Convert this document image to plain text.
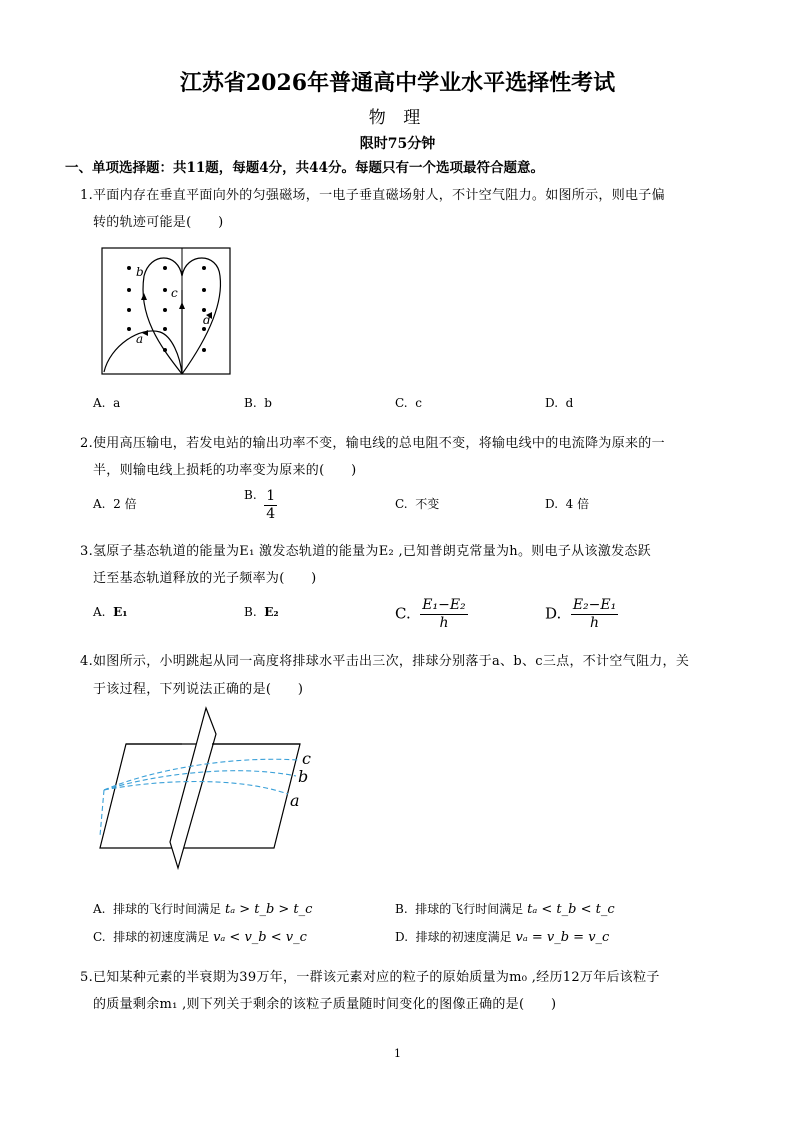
江苏省2026年普通高中学业水平选择性考试
物 理
限时75分钟
一、单项选择题：共11题，每题4分，共44分。每题只有一个选项最符合题意。
1.平面内存在垂直平面向外的匀强磁场，一电子垂直磁场射人，不计空气阻力。如图所示，则电子偏
转的轨迹可能是(　　)
b
c
d
a
A. a	B. b	C. c	D. d
2.使用高压输电，若发电站的输出功率不变，输电线的总电阻不变，将输电线中的电流降为原来的一
半，则输电线上损耗的功率变为原来的(　　)
A. 2 倍
B. $\frac{1}{4}$	C. 不变	D. 4 倍
3.氢原子基态轨道的能量为E₁ 激发态轨道的能量为E₂ ,已知普朗克常量为h。则电子从该激发态跃
迁至基态轨道释放的光子频率为(　　)
A. E₁	B. E₂	C. $\frac{\text{E₁−E₂}}{h}$	D. $\frac{\text{E₂−E₁}}{h}$
4.如图所示，小明跳起从同一高度将排球水平击出三次，排球分别落于a、b、c三点，不计空气阻力，关
于该过程，下列说法正确的是(　　)
c
b
a
A. 排球的飞行时间满足 tₐ > t_b > t_c	B. 排球的飞行时间满足 tₐ < t_b < t_c
C. 排球的初速度满足 vₐ < v_b < v_c	D. 排球的初速度满足 vₐ = v_b = v_c
5.已知某种元素的半衰期为39万年，一群该元素对应的粒子的原始质量为m₀ ,经历12万年后该粒子
的质量剩余m₁ ,则下列关于剩余的该粒子质量随时间变化的图像正确的是(　　)
1
